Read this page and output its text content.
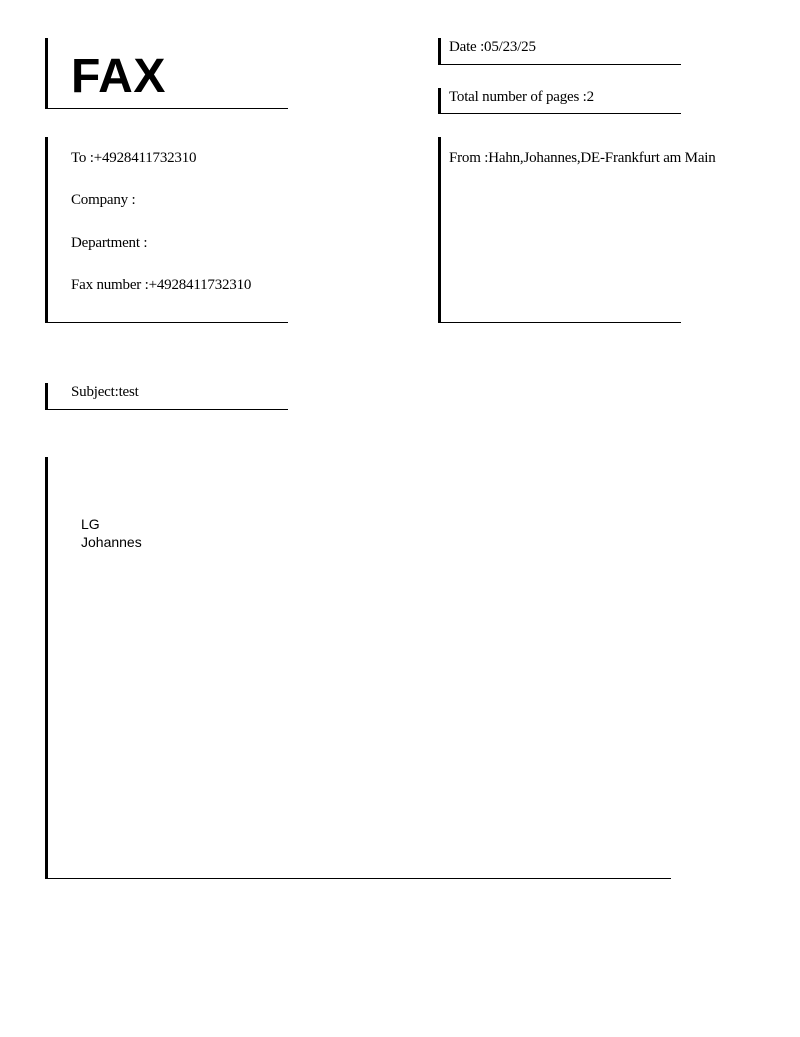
FAX
Date :05/23/25
Total number of pages :2
To :+4928411732310
Company :
Department :
Fax number :+4928411732310
From :Hahn,Johannes,DE-Frankfurt am Main
Subject:test
LG
Johannes
